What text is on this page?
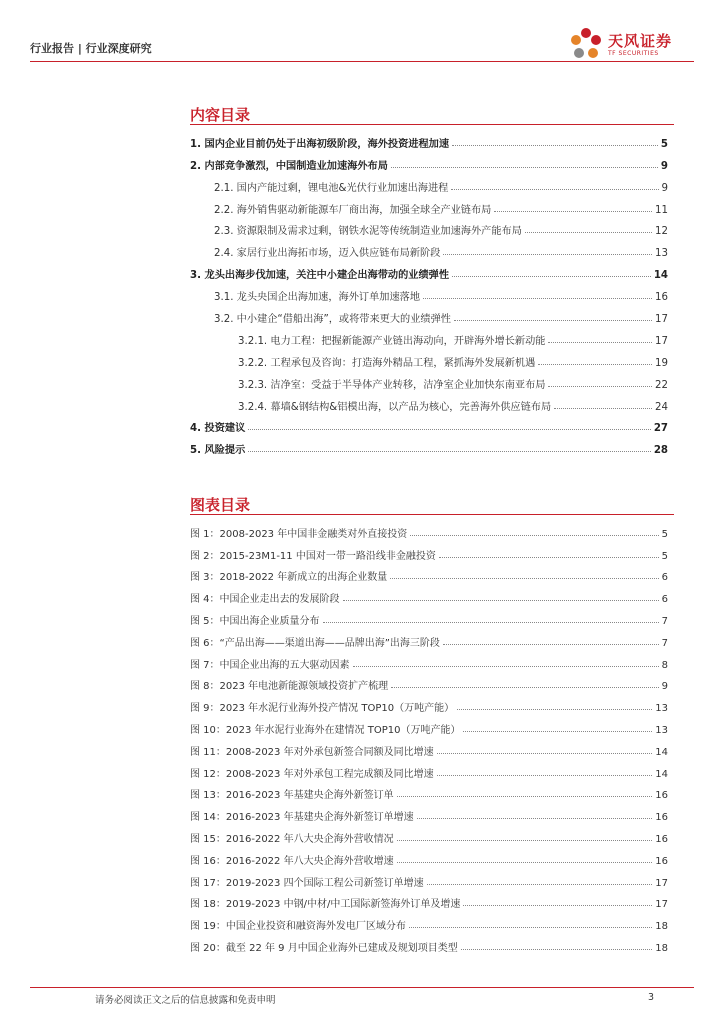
行业报告 | 行业深度研究	天风证券
TF SECURITIES
内容目录
1. 国内企业目前仍处于出海初级阶段，海外投资进程加速	5
2. 内部竞争激烈，中国制造业加速海外布局	9
2.1. 国内产能过剩，锂电池&光伏行业加速出海进程	9
2.2. 海外销售驱动新能源车厂商出海，加强全球全产业链布局	11
2.3. 资源限制及需求过剩，钢铁水泥等传统制造业加速海外产能布局	12
2.4. 家居行业出海拓市场，迈入供应链布局新阶段	13
3. 龙头出海步伐加速，关注中小建企出海带动的业绩弹性	14
3.1. 龙头央国企出海加速，海外订单加速落地	16
3.2. 中小建企“借船出海”，或将带来更大的业绩弹性	17
3.2.1. 电力工程：把握新能源产业链出海动向，开辟海外增长新动能	17
3.2.2. 工程承包及咨询：打造海外精品工程，紧抓海外发展新机遇	19
3.2.3. 洁净室：受益于半导体产业转移，洁净室企业加快东南亚布局	22
3.2.4. 幕墙&钢结构&铝模出海，以产品为核心，完善海外供应链布局	24
4. 投资建议	27
5. 风险提示	28
图表目录
图 1：2008-2023 年中国非金融类对外直接投资	5
图 2：2015-23M1-11 中国对一带一路沿线非金融投资	5
图 3：2018-2022 年新成立的出海企业数量	6
图 4：中国企业走出去的发展阶段	6
图 5：中国出海企业质量分布	7
图 6：“产品出海——渠道出海——品牌出海”出海三阶段	7
图 7：中国企业出海的五大驱动因素	8
图 8：2023 年电池新能源领域投资扩产梳理	9
图 9：2023 年水泥行业海外投产情况 TOP10（万吨产能）	13
图 10：2023 年水泥行业海外在建情况 TOP10（万吨产能）	13
图 11：2008-2023 年对外承包新签合同额及同比增速	14
图 12：2008-2023 年对外承包工程完成额及同比增速	14
图 13：2016-2023 年基建央企海外新签订单	16
图 14：2016-2023 年基建央企海外新签订单增速	16
图 15：2016-2022 年八大央企海外营收情况	16
图 16：2016-2022 年八大央企海外营收增速	16
图 17：2019-2023 四个国际工程公司新签订单增速	17
图 18：2019-2023 中钢/中材/中工国际新签海外订单及增速	17
图 19：中国企业投资和融资海外发电厂区域分布	18
图 20：截至 22 年 9 月中国企业海外已建成及规划项目类型	18
请务必阅读正文之后的信息披露和免责申明	3
